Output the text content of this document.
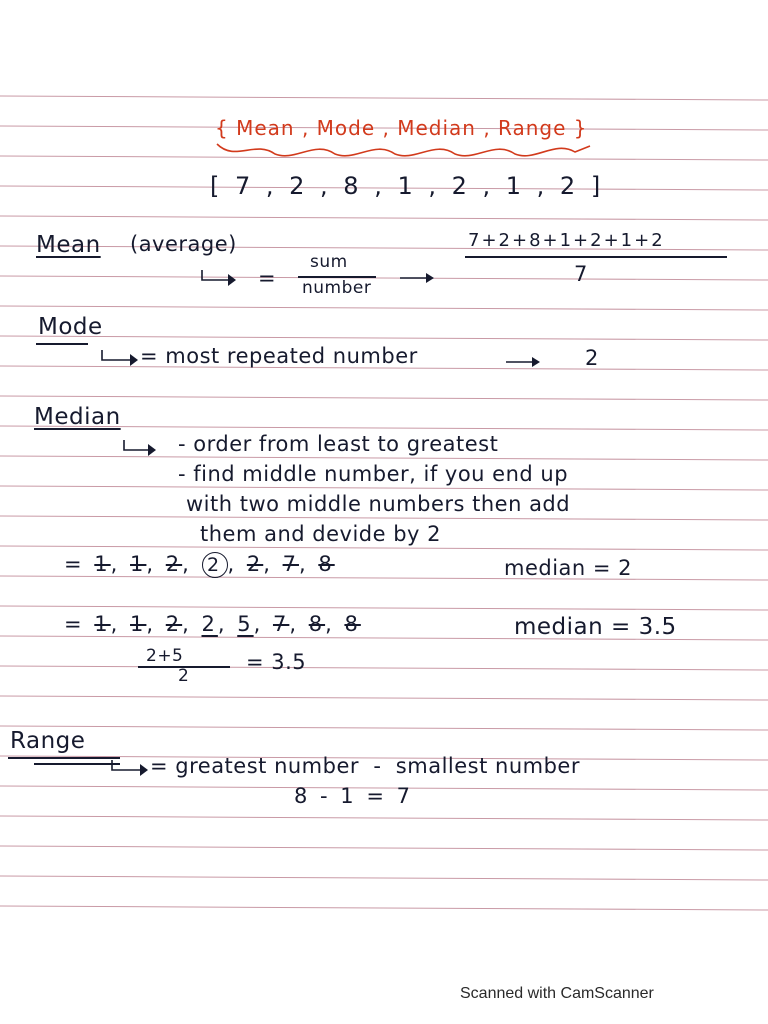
{ Mean , Mode , Median , Range }
[ 7 , 2 , 8 , 1 , 2 , 1 , 2 ]
Mean (average)
=
sum
number
7+2+8+1+2+1+2
7
Mode
= most repeated number	2
Median
- order from least to greatest
- find middle number, if you end up
with two middle numbers then add
them and devide by 2
= 1, 1, 2, 2 , 2, 7, 8	median = 2
= 1, 1, 2, 2, 5, 7, 8, 8	median = 3.5
2+5
2
= 3.5
Range
= greatest number  -  smallest number
8 - 1 = 7
Scanned with CamScanner
